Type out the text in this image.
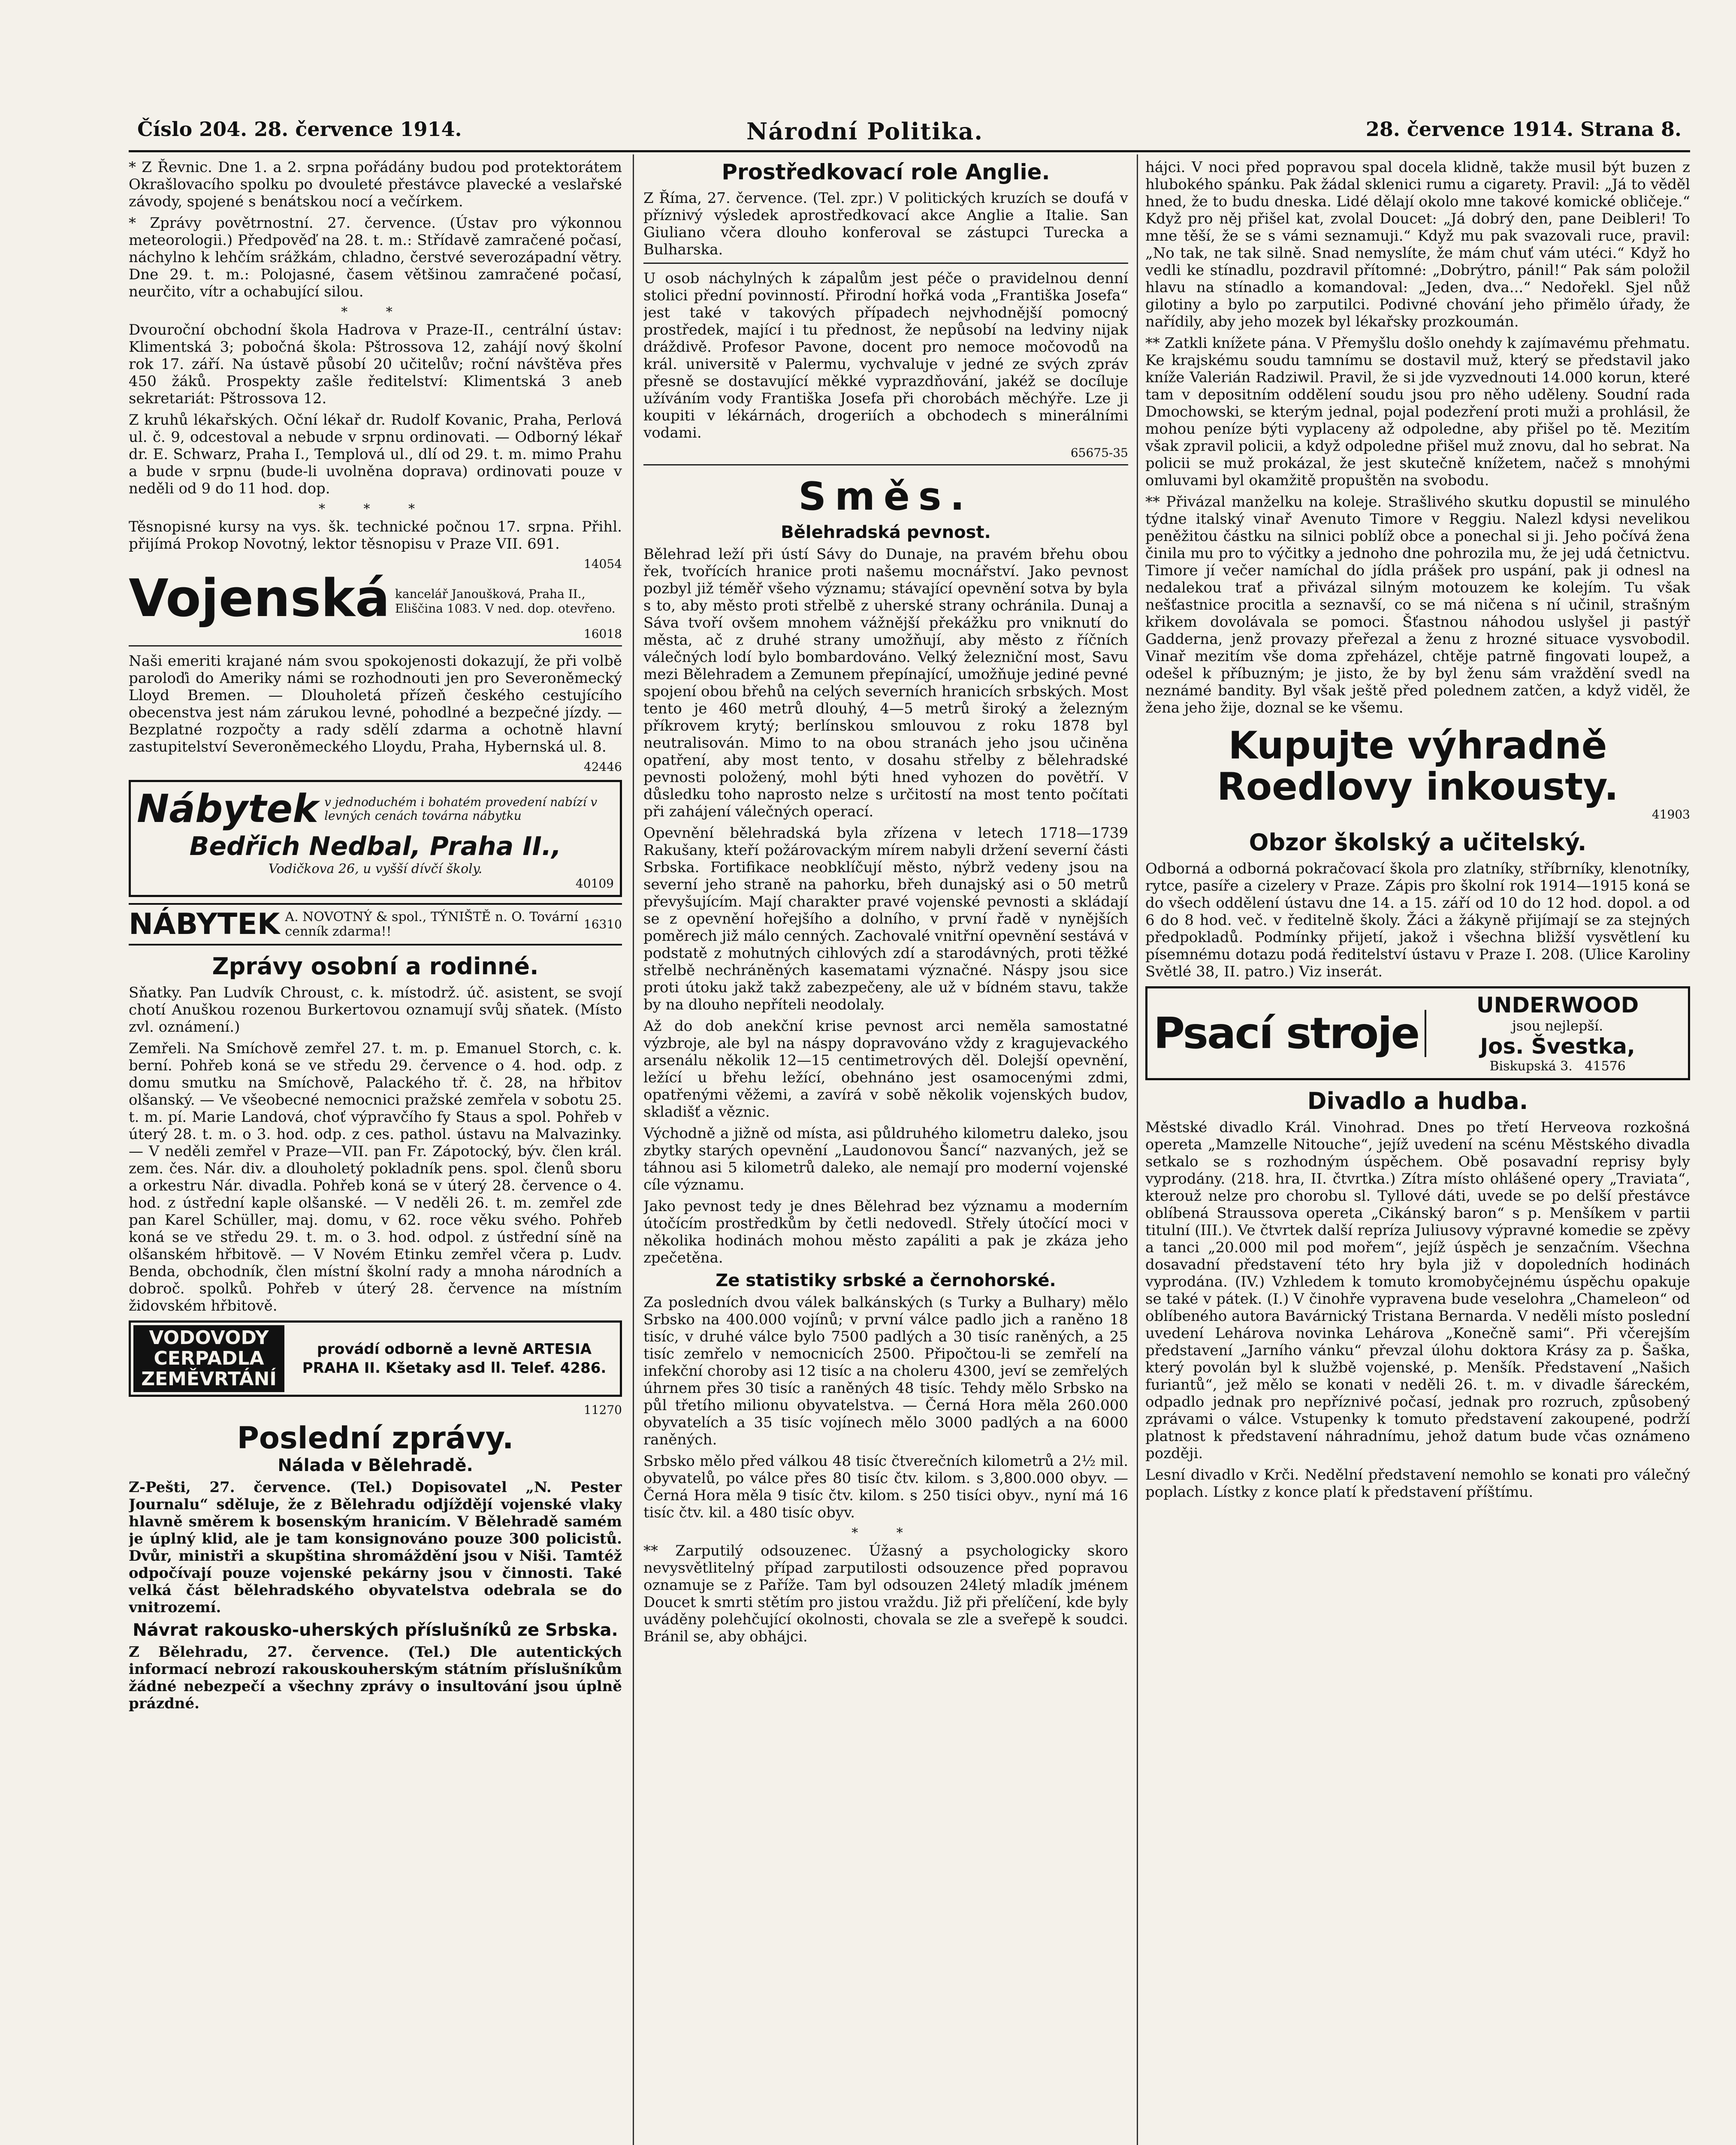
Číslo 204. 28. července 1914.	Národní Politika.	28. července 1914. Strana 8.

* Z Řevnic. Dne 1. a 2. srpna pořádány budou pod protektorátem Okrašlovacího spolku po dvouleté přestávce plavecké a veslařské závody, spojené s benátskou nocí a večírkem.

* Zprávy povětrnostní. 27. července. (Ústav pro výkonnou meteorologii.) Předpověď na 28. t. m.: Střídavě zamračené počasí, náchylno k lehčím srážkám, chladno, čerstvé severozápadní větry. Dne 29. t. m.: Polojasné, časem většinou zamračené počasí, neurčito, vítr a ochabující silou.

* *

Dvouroční obchodní škola Hadrova v Praze-II., centrální ústav: Klimentská 3; pobočná škola: Pštrossova 12, zahájí nový školní rok 17. září. Na ústavě působí 20 učitelův; roční návštěva přes 450 žáků. Prospekty zašle ředitelství: Klimentská 3 aneb sekretariát: Pštrossova 12.

Z kruhů lékařských. Oční lékař dr. Rudolf Kovanic, Praha, Perlová ul. č. 9, odcestoval a nebude v srpnu ordinovati. — Odborný lékař dr. E. Schwarz, Praha I., Templová ul., dlí od 29. t. m. mimo Prahu a bude v srpnu (bude-li uvolněna doprava) ordinovati pouze v neděli od 9 do 11 hod. dop.

* * *

Těsnopisné kursy na vys. šk. technické počnou 17. srpna. Přihl. přijímá Prokop Novotný, lektor těsnopisu v Praze VII. 691.

14054
Vojenská kancelář Janoušková, Praha II., Eliščina 1083. V ned. dop. otevřeno.
16018

Naši emeriti krajané nám svou spokojenosti dokazují, že při volbě paroloďi do Ameriky námi se rozhodnouti jen pro Severoněmecký Lloyd Bremen. — Dlouholetá přízeň českého cestujícího obecenstva jest nám zárukou levné, pohodlné a bezpečné jízdy. — Bezplatné rozpočty a rady sdělí zdarma a ochotně hlavní zastupitelství Severoněmeckého Lloydu, Praha, Hybernská ul. 8.

42446
Nábytek v jednoduchém i bohatém provedení nabízí v levných cenách továrna nábytku
Bedřich Nedbal, Praha II.,
Vodičkova 26, u vyšší dívčí školy.
40109
NÁBYTEK A. NOVOTNÝ & spol., TÝNIŠTĚ n. O. Tovární cenník zdarma!!	16310
Zprávy osobní a rodinné.

Sňatky. Pan Ludvík Chroust, c. k. místodrž. úč. asistent, se svojí chotí Anuškou rozenou Burkertovou oznamují svůj sňatek. (Místo zvl. oznámení.)

Zemřeli. Na Smíchově zemřel 27. t. m. p. Emanuel Storch, c. k. berní. Pohřeb koná se ve středu 29. července o 4. hod. odp. z domu smutku na Smíchově, Palackého tř. č. 28, na hřbitov olšanský. — Ve všeobecné nemocnici pražské zemřela v sobotu 25. t. m. pí. Marie Landová, choť výpravčího fy Staus a spol. Pohřeb v úterý 28. t. m. o 3. hod. odp. z ces. pathol. ústavu na Malvazinky. — V neděli zemřel v Praze—VII. pan Fr. Zápotocký, býv. člen král. zem. čes. Nár. div. a dlouholetý pokladník pens. spol. členů sboru a orkestru Nár. divadla. Pohřeb koná se v úterý 28. července o 4. hod. z ústřední kaple olšanské. — V neděli 26. t. m. zemřel zde pan Karel Schüller, maj. domu, v 62. roce věku svého. Pohřeb koná se ve středu 29. t. m. o 3. hod. odpol. z ústřední síně na olšanském hřbitově. — V Novém Etinku zemřel včera p. Ludv. Benda, obchodník, člen místní školní rady a mnoha národních a dobroč. spolků. Pohřeb v úterý 28. července na místním židovském hřbitově.

VODOVODY CERPADLA ZEMĚVRTÁNÍ
provádí odborně a levně ARTESIA PRAHA II. Kšetaky asd ll. Telef. 4286.
11270
Poslední zprávy.
Nálada v Bělehradě.

Z-Pešti, 27. července. (Tel.) Dopisovatel „N. Pester Journalu“ sděluje, že z Bělehradu odjíždějí vojenské vlaky hlavně směrem k bosenským hranicím. V Bělehradě samém je úplný klid, ale je tam konsignováno pouze 300 policistů. Dvůr, ministři a skupština shromáždění jsou v Niši. Tamtéž odpočívají pouze vojenské pekárny jsou v činnosti. Také velká část bělehradského obyvatelstva odebrala se do vnitrozemí.

Návrat rakousko-uherských příslušníků ze Srbska.

Z Bělehradu, 27. července. (Tel.) Dle autentických informací nebrozí rakouskouherským státním příslušníkům žádné nebezpečí a všechny zprávy o insultování jsou úplně prázdné.

Prostředkovací role Anglie.

Z Říma, 27. července. (Tel. zpr.) V politických kruzích se doufá v příznivý výsledek aprostředkovací akce Anglie a Italie. San Giuliano včera dlouho konferoval se zástupci Turecka a Bulharska.

U osob náchylných k zápalům jest péče o pravidelnou denní stolici přední povinností. Přirodní hořká voda „Františka Josefa“ jest také v takových případech nejvhodnější pomocný prostředek, mající i tu přednost, že nepůsobí na ledviny nijak dráždivě. Profesor Pavone, docent pro nemoce močovodů na král. universitě v Palermu, vychvaluje v jedné ze svých zpráv přesně se dostavující měkké vyprazdňování, jakéž se docíluje užíváním vody Františka Josefa při chorobách měchýře. Lze ji koupiti v lékárnách, drogeriích a obchodech s minerálními vodami.

65675-35
Směs.
Bělehradská pevnost.

Bělehrad leží při ústí Sávy do Dunaje, na pravém břehu obou řek, tvořících hranice proti našemu mocnářství. Jako pevnost pozbyl již téměř všeho významu; stávající opevnění sotva by byla s to, aby město proti střelbě z uherské strany ochránila. Dunaj a Sáva tvoří ovšem mnohem vážnější překážku pro vniknutí do města, ač z druhé strany umožňují, aby město z říčních válečných lodí bylo bombardováno. Velký železniční most, Savu mezi Bělehradem a Zemunem přepínající, umožňuje jediné pevné spojení obou břehů na celých severních hranicích srbských. Most tento je 460 metrů dlouhý, 4—5 metrů široký a železným příkrovem krytý; berlínskou smlouvou z roku 1878 byl neutralisován. Mimo to na obou stranách jeho jsou učiněna opatření, aby most tento, v dosahu střelby z bělehradské pevnosti položený, mohl býti hned vyhozen do povětří. V důsledku toho naprosto nelze s určitostí na most tento počítati při zahájení válečných operací.

Opevnění bělehradská byla zřízena v letech 1718—1739 Rakušany, kteří požárovackým mírem nabyli držení severní části Srbska. Fortifikace neobklíčují město, nýbrž vedeny jsou na severní jeho straně na pahorku, břeh dunajský asi o 50 metrů převyšujícím. Mají charakter pravé vojenské pevnosti a skládají se z opevnění hořejšího a dolního, v první řadě v nynějších poměrech již málo cenných. Zachovalé vnitřní opevnění sestává v podstatě z mohutných cihlových zdí a starodávných, proti těžké střelbě nechráněných kasematami význačné. Náspy jsou sice proti útoku jakž takž zabezpečeny, ale už v bídném stavu, takže by na dlouho nepříteli neodolaly.

Až do dob anekční krise pevnost arci neměla samostatné výzbroje, ale byl na náspy dopravováno vždy z kragujevackého arsenálu několik 12—15 centimetrových děl. Dolejší opevnění, ležící u břehu ležící, obehnáno jest osamocenými zdmi, opatřenými věžemi, a zavírá v sobě několik vojenských budov, skladišť a věznic.

Východně a jižně od místa, asi půldruhého kilometru daleko, jsou zbytky starých opevnění „Laudonovou Šancí“ nazvaných, jež se táhnou asi 5 kilometrů daleko, ale nemají pro moderní vojenské cíle významu.

Jako pevnost tedy je dnes Bělehrad bez významu a moderním útočícím prostředkům by četli nedovedl. Střely útočící moci v několika hodinách mohou město zapáliti a pak je zkáza jeho zpečetěna.

Ze statistiky srbské a černohorské.

Za posledních dvou válek balkánských (s Turky a Bulhary) mělo Srbsko na 400.000 vojínů; v první válce padlo jich a raněno 18 tisíc, v druhé válce bylo 7500 padlých a 30 tisíc raněných, a 25 tisíc zemřelo v nemocnicích 2500. Připočtou-li se zemřelí na infekční choroby asi 12 tisíc a na choleru 4300, jeví se zemřelých úhrnem přes 30 tisíc a raněných 48 tisíc. Tehdy mělo Srbsko na půl třetího milionu obyvatelstva. — Černá Hora měla 260.000 obyvatelích a 35 tisíc vojínech mělo 3000 padlých a na 6000 raněných.

Srbsko mělo před válkou 48 tisíc čtverečních kilometrů a 2½ mil. obyvatelů, po válce přes 80 tisíc čtv. kilom. s 3,800.000 obyv. — Černá Hora měla 9 tisíc čtv. kilom. s 250 tisíci obyv., nyní má 16 tisíc čtv. kil. a 480 tisíc obyv.

* *

** Zarputilý odsouzenec. Úžasný a psychologicky skoro nevysvětlitelný případ zarputilosti odsouzence před popravou oznamuje se z Paříže. Tam byl odsouzen 24letý mladík jménem Doucet k smrti stětím pro jistou vraždu. Již při přelíčení, kde byly uváděny polehčující okolnosti, chovala se zle a sveřepě k soudci. Bránil se, aby obhájci.

hájci. V noci před popravou spal docela klidně, takže musil být buzen z hlubokého spánku. Pak žádal sklenici rumu a cigarety. Pravil: „Já to věděl hned, že to budu dneska. Lidé dělají okolo mne takové komické obličeje.“ Když pro něj přišel kat, zvolal Doucet: „Já dobrý den, pane Deibleri! To mne těší, že se s vámi seznamuji.“ Když mu pak svazovali ruce, pravil: „No tak, ne tak silně. Snad nemyslíte, že mám chuť vám utéci.“ Když ho vedli ke stínadlu, pozdravil přítomné: „Dobrýtro, pánil!“ Pak sám položil hlavu na stínadlo a komandoval: „Jeden, dva...“ Nedořekl. Sjel nůž gilotiny a bylo po zarputilci. Podivné chování jeho přimělo úřady, že nařídily, aby jeho mozek byl lékařsky prozkoumán.

** Zatkli knížete pána. V Přemyšlu došlo onehdy k zajímavému přehmatu. Ke krajskému soudu tamnímu se dostavil muž, který se představil jako kníže Valerián Radziwil. Pravil, že si jde vyzvednouti 14.000 korun, které tam v depositním oddělení soudu jsou pro něho uděleny. Soudní rada Dmochowski, se kterým jednal, pojal podezření proti muži a prohlásil, že mohou peníze býti vyplaceny až odpoledne, aby přišel po tě. Mezitím však zpravil policii, a když odpoledne přišel muž znovu, dal ho sebrat. Na policii se muž prokázal, že jest skutečně knížetem, načež s mnohými omluvami byl okamžitě propuštěn na svobodu.

** Přivázal manželku na koleje. Strašlivého skutku dopustil se minulého týdne italský vinař Avenuto Timore v Reggiu. Nalezl kdysi nevelikou peněžitou částku na silnici poblíž obce a ponechal si ji. Jeho počívá žena činila mu pro to výčitky a jednoho dne pohrozila mu, že jej udá četnictvu. Timore jí večer namíchal do jídla prášek pro uspání, pak ji odnesl na nedalekou trať a přivázal silným motouzem ke kolejím. Tu však nešťastnice procitla a seznavší, co se má ničena s ní učinil, strašným křikem dovolávala se pomoci. Šťastnou náhodou uslyšel ji pastýř Gadderna, jenž provazy přeřezal a ženu z hrozné situace vysvobodil. Vinař mezitím vše doma zpřeházel, chtěje patrně fingovati loupež, a odešel k příbuzným; je jisto, že by byl ženu sám vraždění svedl na neznámé bandity. Byl však ještě před polednem zatčen, a když viděl, že žena jeho žije, doznal se ke všemu.

Kupujte výhradně
Roedlovy inkousty.
41903
Obzor školský a učitelský.

Odborná a odborná pokračovací škola pro zlatníky, stříbrníky, klenotníky, rytce, pasíře a cizelery v Praze. Zápis pro školní rok 1914—1915 koná se do všech oddělení ústavu dne 14. a 15. září od 10 do 12 hod. dopol. a od 6 do 8 hod. več. v ředitelně školy. Žáci a žákyně přijímají se za stejných předpokladů. Podmínky přijetí, jakož i všechna bližší vysvětlení ku písemnému dotazu podá ředitelství ústavu v Praze I. 208. (Ulice Karoliny Světlé 38, II. patro.) Viz inserát.

Psací stroje
UNDERWOOD
jsou nejlepší.
Jos. Švestka,
Biskupská 3. 41576
Divadlo a hudba.

Městské divadlo Král. Vinohrad. Dnes po třetí Herveova rozkošná opereta „Mamzelle Nitouche“, jejíž uvedení na scénu Městského divadla setkalo se s rozhodným úspěchem. Obě posavadní reprisy byly vyprodány. (218. hra, II. čtvrtka.) Zítra místo ohlášené opery „Traviata“, kterouž nelze pro chorobu sl. Tyllové dáti, uvede se po delší přestávce oblíbená Straussova opereta „Cikánský baron“ s p. Menšíkem v partii titulní (III.). Ve čtvrtek další repríza Juliusovy výpravné komedie se zpěvy a tanci „20.000 mil pod mořem“, jejíž úspěch je senzačním. Všechna dosavadní představení této hry byla již v dopoledních hodinách vyprodána. (IV.) Vzhledem k tomuto kromobyčejnému úspěchu opakuje se také v pátek. (I.) V činohře vypravena bude veselohra „Chameleon“ od oblíbeného autora Bavárnický Tristana Bernarda. V neděli místo poslední uvedení Lehárova novinka Lehárova „Konečně sami“. Při včerejším představení „Jarního vánku“ převzal úlohu doktora Krásy za p. Šaška, který povolán byl k službě vojenské, p. Menšík. Představení „Našich furiantů“, jež mělo se konati v neděli 26. t. m. v divadle šáreckém, odpadlo jednak pro nepříznivé počasí, jednak pro rozruch, způsobený zprávami o válce. Vstupenky k tomuto představení zakoupené, podrží platnost k představení náhradnímu, jehož datum bude včas oznámeno později.

Lesní divadlo v Krči. Nedělní představení nemohlo se konati pro válečný poplach. Lístky z konce platí k představení příštímu.
